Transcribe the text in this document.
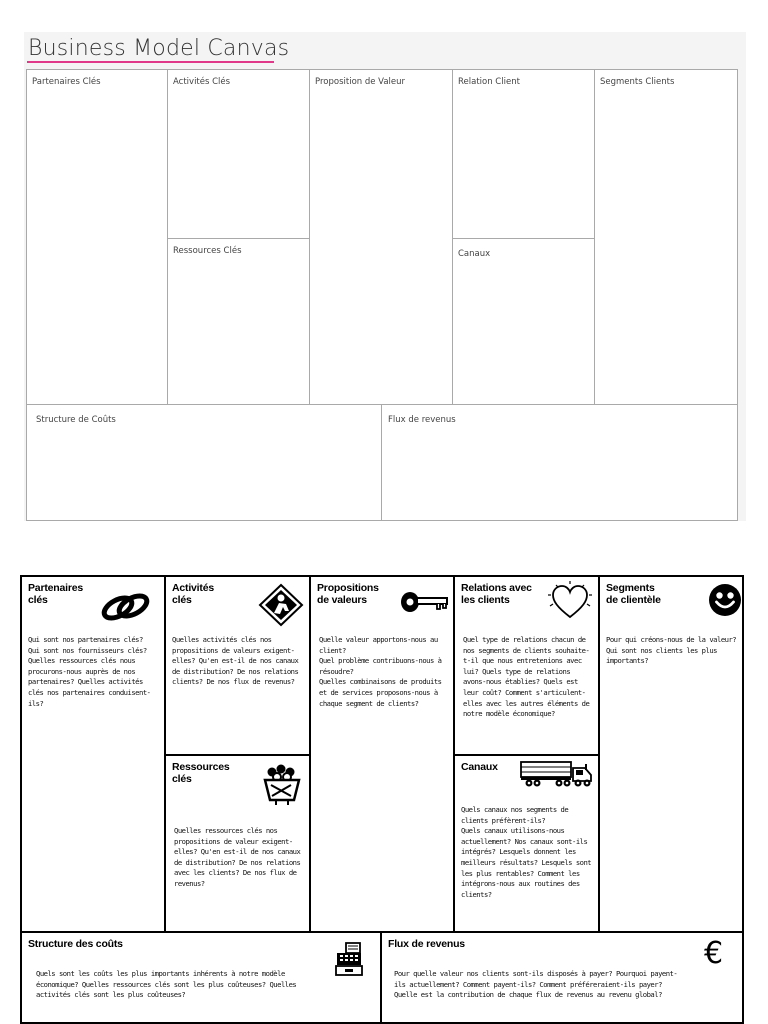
Business Model Canvas
Partenaires Clés	Activités Clés
Ressources Clés
Proposition de Valeur	Relation Client
Canaux
Segments Clients
Structure de Coûts	Flux de revenus
Partenaires
clés
Qui sont nos partenaires clés? Qui sont nos fournisseurs clés? Quelles ressources clés nous procurons-nous auprès de nos partenaires? Quelles activités clés nos partenaires conduisent-ils?
Activités
clés
Quelles activités clés nos propositions de valeurs exigent-elles? Qu'en est-il de nos canaux de distribution? De nos relations clients? De nos flux de revenus?
Ressources
clés
Quelles ressources clés nos propositions de valeur exigent-elles? Qu'en est-il de nos canaux de distribution? De nos relations avec les clients? De nos flux de revenus?
Propositions
de valeurs
Quelle valeur apportons-nous au client?
Quel problème contribuons-nous à résoudre?
Quelles combinaisons de produits et de services proposons-nous à chaque segment de clients?
Relations avec
les clients
Quel type de relations chacun de nos segments de clients souhaite-t-il que nous entretenions avec lui? Quels type de relations avons-nous établies? Quels est leur coût? Comment s'articulent-elles avec les autres éléments de notre modèle économique?
Canaux
Quels canaux nos segments de clients préfèrent-ils?
Quels canaux utilisons-nous actuellement? Nos canaux sont-ils intégrés? Lesquels donnent les meilleurs résultats? Lesquels sont les plus rentables? Comment les intégrons-nous aux routines des clients?
Segments
de clientèle
Pour qui créons-nous de la valeur? Qui sont nos clients les plus importants?
Structure des coûts
Quels sont les coûts les plus importants inhérents à notre modèle économique? Quelles ressources clés sont les plus coûteuses? Quelles activités clés sont les plus coûteuses?
Flux de revenus	€
Pour quelle valeur nos clients sont-ils disposés à payer? Pourquoi payent-ils actuellement? Comment payent-ils? Comment préféreraient-ils payer? Quelle est la contribution de chaque flux de revenus au revenu global?
